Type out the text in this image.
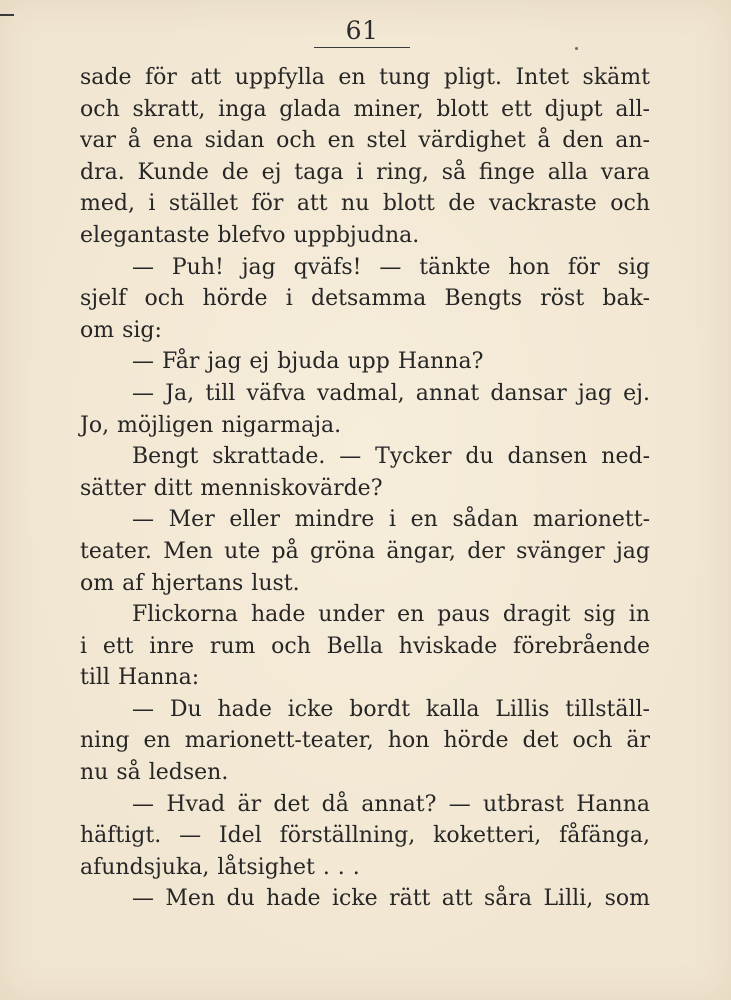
61
sade för att uppfylla en tung pligt. Intet skämt
och skratt, inga glada miner, blott ett djupt all-
var å ena sidan och en stel värdighet å den an-
dra. Kunde de ej taga i ring, så finge alla vara
med, i stället för att nu blott de vackraste och
elegantaste blefvo uppbjudna.
— Puh! jag qväfs! — tänkte hon för sig
sjelf och hörde i detsamma Bengts röst bak-
om sig:
— Får jag ej bjuda upp Hanna?
— Ja, till väfva vadmal, annat dansar jag ej.
Jo, möjligen nigarmaja.
Bengt skrattade. — Tycker du dansen ned-
sätter ditt menniskovärde?
— Mer eller mindre i en sådan marionett-
teater. Men ute på gröna ängar, der svänger jag
om af hjertans lust.
Flickorna hade under en paus dragit sig in
i ett inre rum och Bella hviskade förebrående
till Hanna:
— Du hade icke bordt kalla Lillis tillställ-
ning en marionett-teater, hon hörde det och är
nu så ledsen.
— Hvad är det då annat? — utbrast Hanna
häftigt. — Idel förställning, koketteri, fåfänga,
afundsjuka, låtsighet . . .
— Men du hade icke rätt att såra Lilli, som
